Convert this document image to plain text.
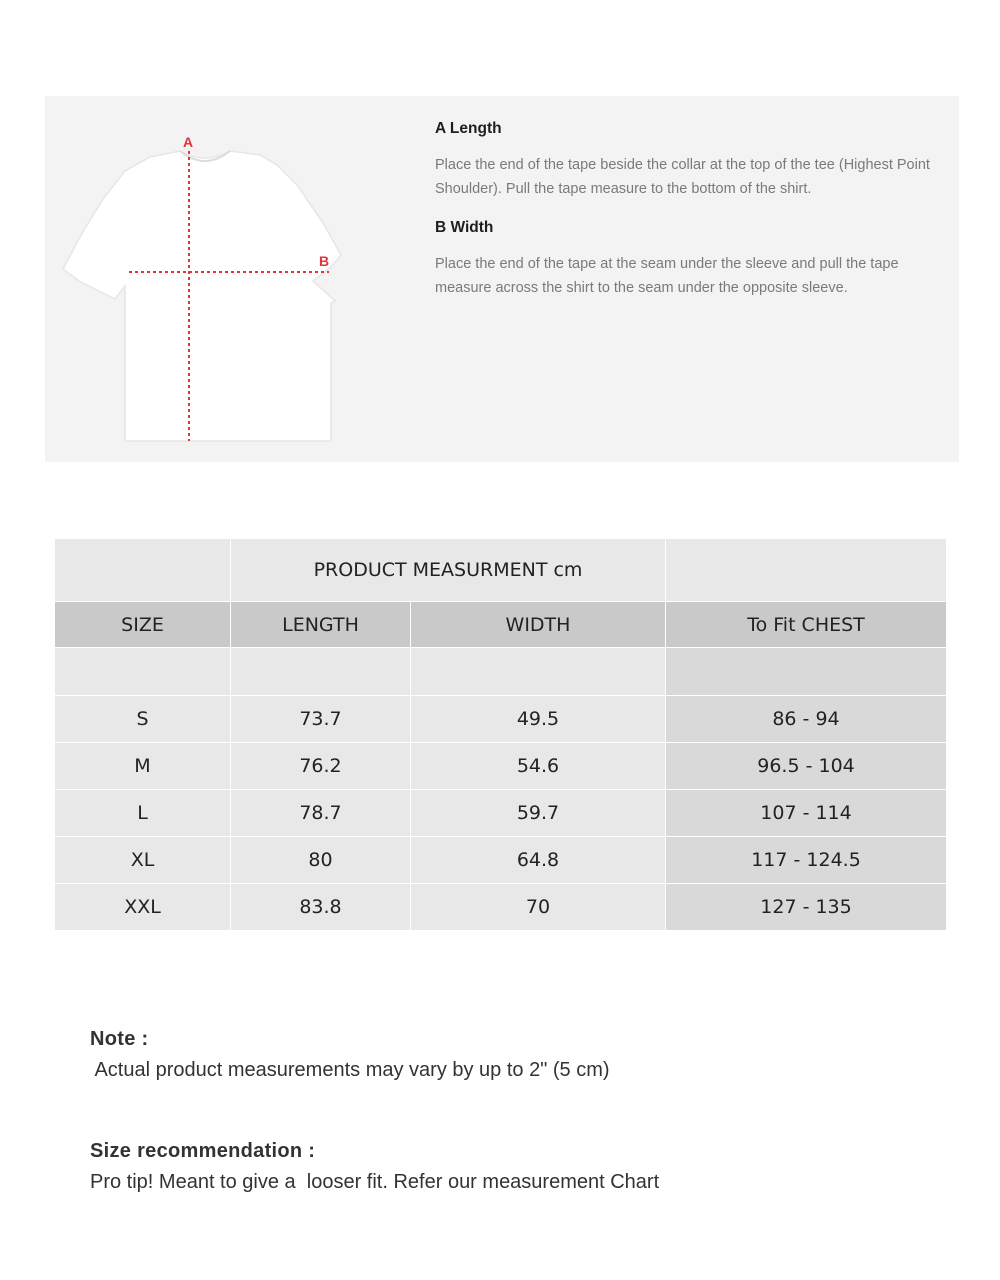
A
B
A Length
Place the end of the tape beside the collar at the top of the tee (Highest Point Shoulder). Pull the tape measure to the bottom of the shirt.
B Width
Place the end of the tape at the seam under the sleeve and pull the tape measure across the shirt to the seam under the opposite sleeve.
	PRODUCT MEASURMENT cm		
SIZE	LENGTH	WIDTH	To Fit CHEST

S	73.7	49.5	86 - 94
M	76.2	54.6	96.5 - 104
L	78.7	59.7	107 - 114
XL	80	64.8	117 - 124.5
XXL	83.8	70	127 - 135
Note :
Actual product measurements may vary by up to 2" (5 cm)
Size recommendation :
Pro tip! Meant to give a  looser fit. Refer our measurement Chart
